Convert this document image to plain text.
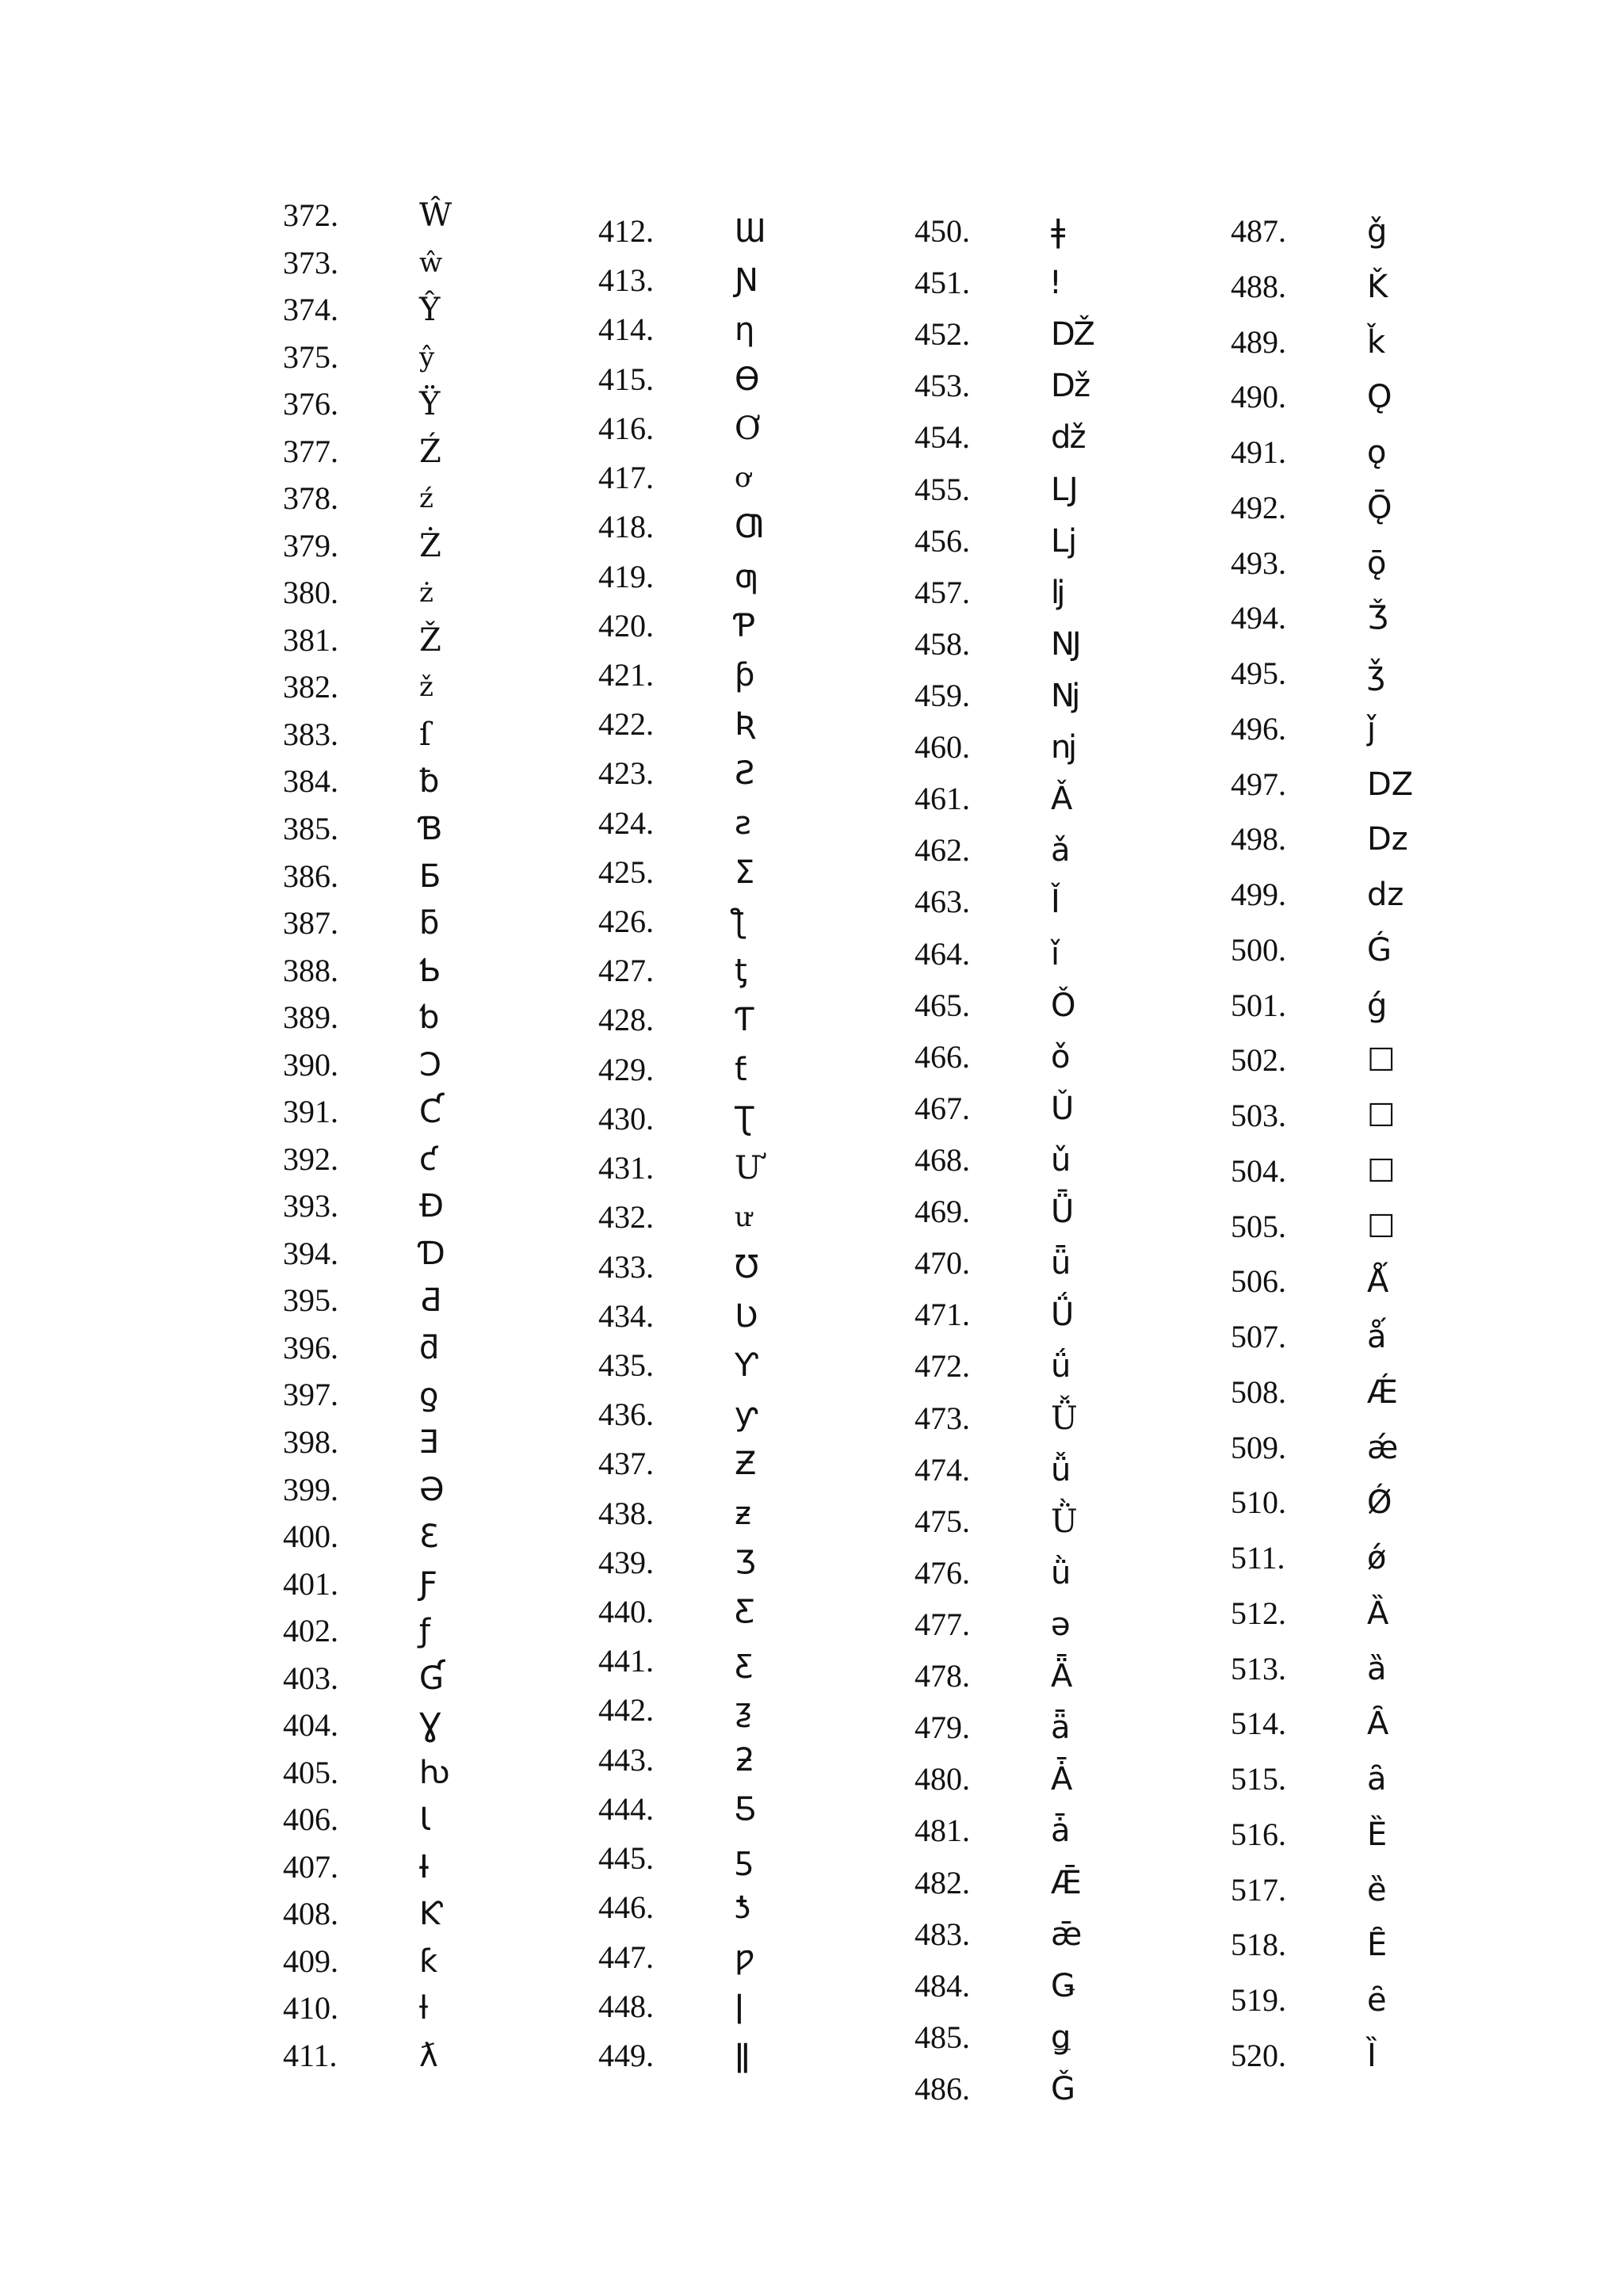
372.	Ŵ
373.	ŵ
374.	Ŷ
375.	ŷ
376.	Ÿ
377.	Ź
378.	ź
379.	Ż
380.	ż
381.	Ž
382.	ž
383.	ſ
384.	ƀ
385.	Ɓ
386.	Ƃ
387.	ƃ
388.	Ƅ
389.	ƅ
390.	Ɔ
391.	Ƈ
392.	ƈ
393.	Đ
394.	Ɗ
395.	Ƌ
396.	ƌ
397.	ƍ
398.	Ǝ
399.	Ə
400.	Ɛ
401.	Ƒ
402.	ƒ
403.	Ɠ
404.	Ɣ
405.	ƕ
406.	Ɩ
407.	Ɨ
408.	Ƙ
409.	ƙ
410.	ƚ
411.	ƛ
412.	Ɯ
413.	Ɲ
414.	ƞ
415.	Ɵ
416.	Ơ
417.	ơ
418.	Ƣ
419.	ƣ
420.	Ƥ
421.	ƥ
422.	Ʀ
423.	Ƨ
424.	ƨ
425.	Ʃ
426.	ƪ
427.	ƫ
428.	Ƭ
429.	ƭ
430.	Ʈ
431.	Ư
432.	ư
433.	Ʊ
434.	Ʋ
435.	Ƴ
436.	ƴ
437.	Ƶ
438.	ƶ
439.	Ʒ
440.	Ƹ
441.	ƹ
442.	ƺ
443.	ƻ
444.	Ƽ
445.	ƽ
446.	ƾ
447.	ƿ
448.	ǀ
449.	ǁ
450.	ǂ
451.	ǃ
452.	Ǆ
453.	ǅ
454.	ǆ
455.	Ǉ
456.	ǈ
457.	ǉ
458.	Ǌ
459.	ǋ
460.	ǌ
461.	Ǎ
462.	ǎ
463.	Ǐ
464.	ǐ
465.	Ǒ
466.	ǒ
467.	Ǔ
468.	ǔ
469.	Ǖ
470.	ǖ
471.	Ǘ
472.	ǘ
473.	Ǚ
474.	ǚ
475.	Ǜ
476.	ǜ
477.	ǝ
478.	Ǟ
479.	ǟ
480.	Ǡ
481.	ǡ
482.	Ǣ
483.	ǣ
484.	Ǥ
485.	ǥ
486.	Ǧ
487.	ǧ
488.	Ǩ
489.	ǩ
490.	Ǫ
491.	ǫ
492.	Ǭ
493.	ǭ
494.	Ǯ
495.	ǯ
496.	ǰ
497.	DZ
498.	Dz
499.	dz
500.	Ǵ
501.	ǵ
502.	☐
503.	☐
504.	☐
505.	☐
506.	Ǻ
507.	ǻ
508.	Ǽ
509.	ǽ
510.	Ǿ
511.	ǿ
512.	Ȁ
513.	ȁ
514.	Ȃ
515.	ȃ
516.	Ȅ
517.	ȅ
518.	Ȇ
519.	ȇ
520.	Ȉ
